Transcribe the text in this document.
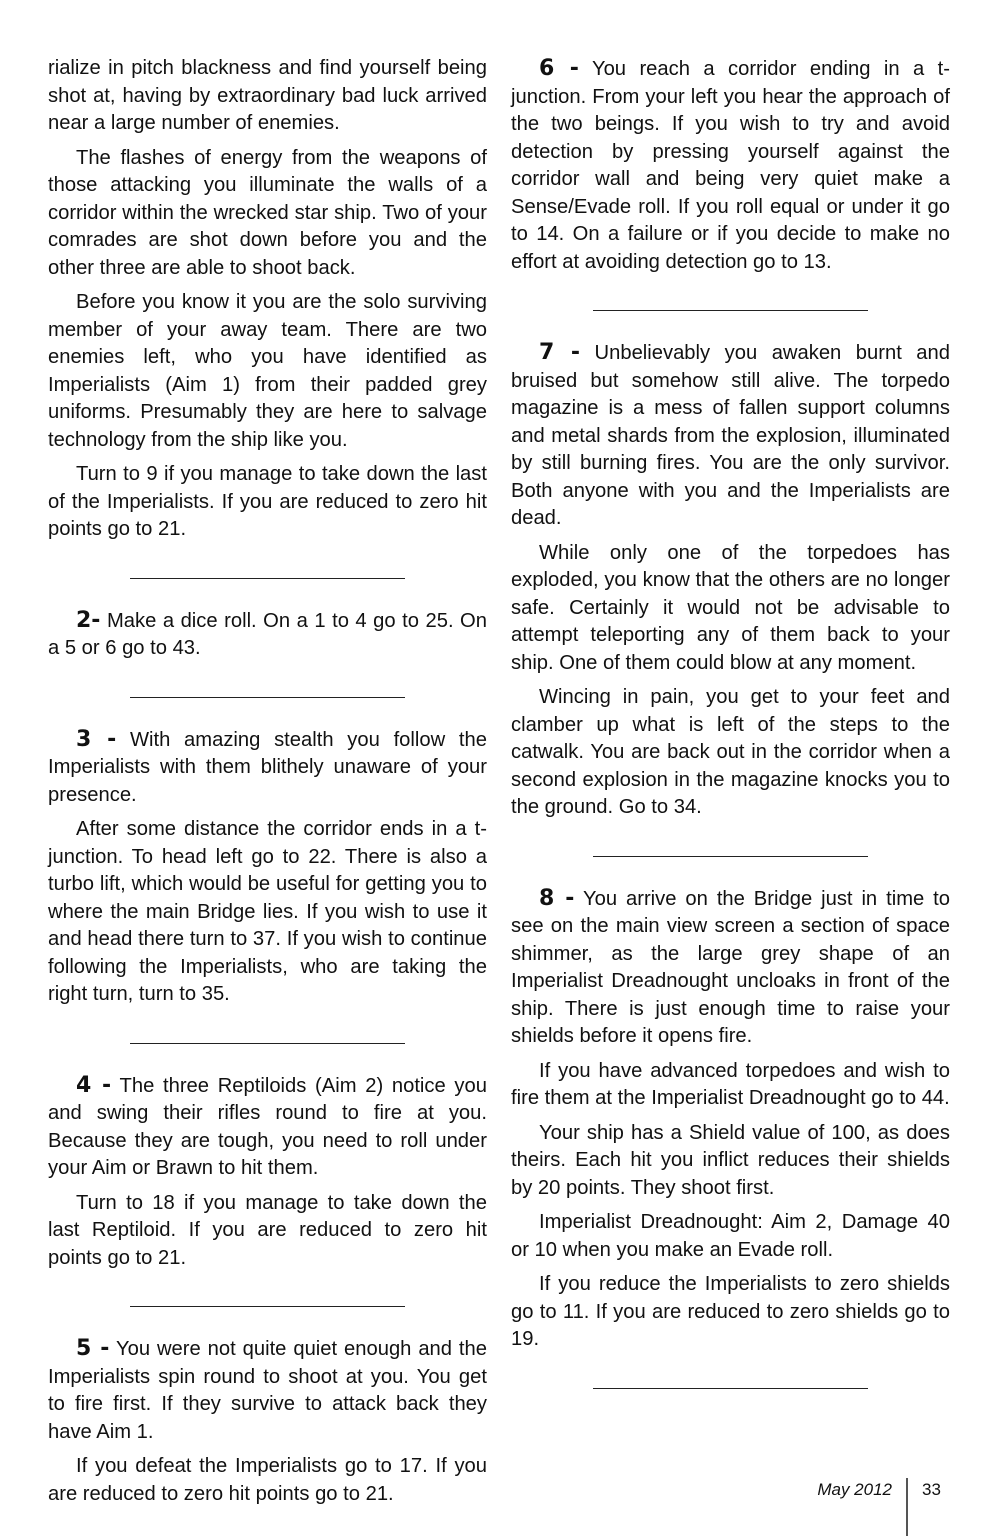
rialize in pitch blackness and find yourself being shot at, having by extraordinary bad luck arrived near a large number of enemies.

The flashes of energy from the weapons of those attacking you illuminate the walls of a corridor within the wrecked star ship. Two of your comrades are shot down before you and the other three are able to shoot back.

Before you know it you are the solo surviving member of your away team. There are two enemies left, who you have identified as Imperialists (Aim 1) from their padded grey uniforms. Presumably they are here to salvage technology from the ship like you.

Turn to 9 if you manage to take down the last of the Imperialists. If you are reduced to zero hit points go to 21.

2- Make a dice roll. On a 1 to 4 go to 25. On a 5 or 6 go to 43.

3 - With amazing stealth you follow the Imperialists with them blithely unaware of your presence.

After some distance the corridor ends in a t-junction. To head left go to 22. There is also a turbo lift, which would be useful for getting you to where the main Bridge lies. If you wish to use it and head there turn to 37. If you wish to continue following the Imperialists, who are taking the right turn, turn to 35.

4 - The three Reptiloids (Aim 2) notice you and swing their rifles round to fire at you. Because they are tough, you need to roll under your Aim or Brawn to hit them.

Turn to 18 if you manage to take down the last Reptiloid. If you are reduced to zero hit points go to 21.

5 - You were not quite quiet enough and the Imperialists spin round to shoot at you. You get to fire first. If they survive to attack back they have Aim 1.

If you defeat the Imperialists go to 17. If you are reduced to zero hit points go to 21.

6 - You reach a corridor ending in a t-junction. From your left you hear the approach of the two beings. If you wish to try and avoid detection by pressing yourself against the corridor wall and being very quiet make a Sense/Evade roll. If you roll equal or under it go to 14. On a failure or if you decide to make no effort at avoiding detection go to 13.

7 - Unbelievably you awaken burnt and bruised but somehow still alive. The torpedo magazine is a mess of fallen support columns and metal shards from the explosion, illuminated by still burning fires. You are the only survivor. Both anyone with you and the Imperialists are dead.

While only one of the torpedoes has exploded, you know that the others are no longer safe. Certainly it would not be advisable to attempt teleporting any of them back to your ship. One of them could blow at any moment.

Wincing in pain, you get to your feet and clamber up what is left of the steps to the catwalk. You are back out in the corridor when a second explosion in the magazine knocks you to the ground. Go to 34.

8 - You arrive on the Bridge just in time to see on the main view screen a section of space shimmer, as the large grey shape of an Imperialist Dreadnought uncloaks in front of the ship. There is just enough time to raise your shields before it opens fire.

If you have advanced torpedoes and wish to fire them at the Imperialist Dreadnought go to 44.

Your ship has a Shield value of 100, as does theirs. Each hit you inflict reduces their shields by 20 points. They shoot first.

Imperialist Dreadnought: Aim 2, Damage 40 or 10 when you make an Evade roll.

If you reduce the Imperialists to zero shields go to 11. If you are reduced to zero shields go to 19.

May 2012 33
